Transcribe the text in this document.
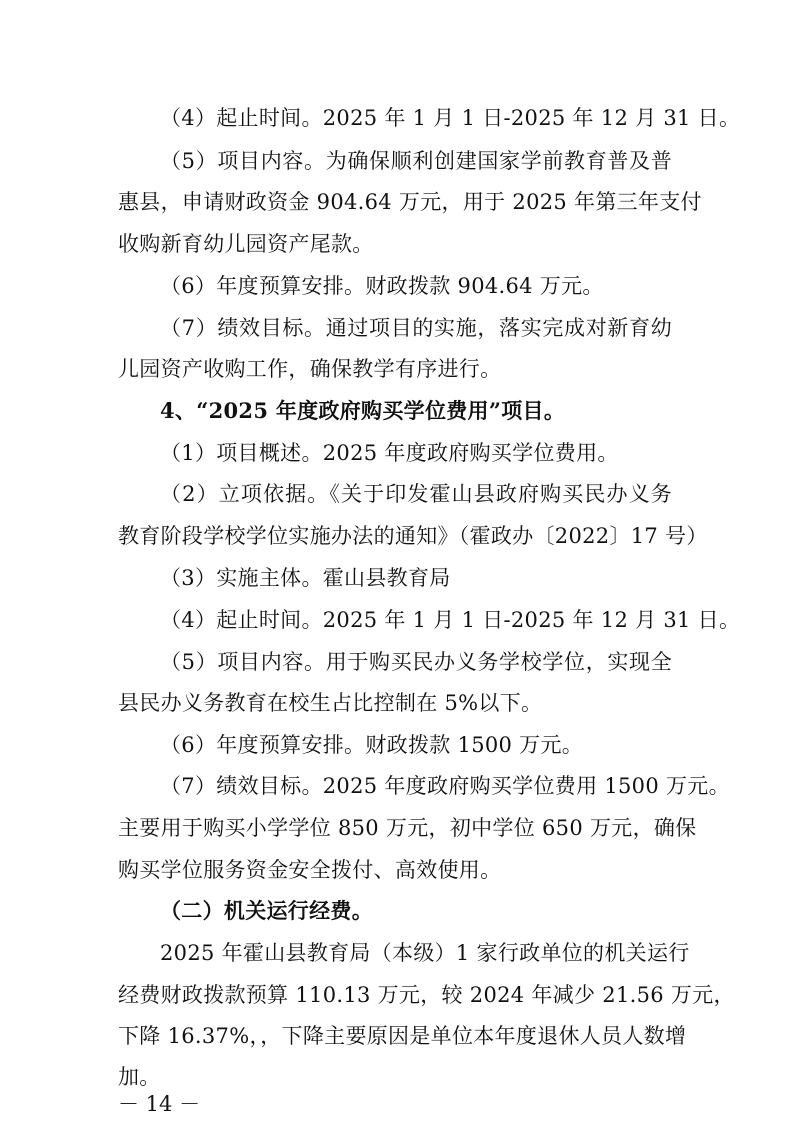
（4）起止时间。2025 年 1 月 1 日-2025 年 12 月 31 日。
（5）项目内容。为确保顺利创建国家学前教育普及普
惠县，申请财政资金 904.64 万元，用于 2025 年第三年支付
收购新育幼儿园资产尾款。
（6）年度预算安排。财政拨款 904.64 万元。
（7）绩效目标。通过项目的实施，落实完成对新育幼
儿园资产收购工作，确保教学有序进行。
4、“2025 年度政府购买学位费用”项目。
（1）项目概述。2025 年度政府购买学位费用。
（2）立项依据。《关于印发霍山县政府购买民办义务
教育阶段学校学位实施办法的通知》（霍政办〔2022〕17 号）
（3）实施主体。霍山县教育局
（4）起止时间。2025 年 1 月 1 日-2025 年 12 月 31 日。
（5）项目内容。用于购买民办义务学校学位，实现全
县民办义务教育在校生占比控制在 5%以下。
（6）年度预算安排。财政拨款 1500 万元。
（7）绩效目标。2025 年度政府购买学位费用 1500 万元。
主要用于购买小学学位 850 万元，初中学位 650 万元，确保
购买学位服务资金安全拨付、高效使用。
（二）机关运行经费。
2025 年霍山县教育局（本级）1 家行政单位的机关运行
经费财政拨款预算 110.13 万元，较 2024 年减少 21.56 万元，
下降 16.37%，，下降主要原因是单位本年度退休人员人数增
加。
－ 14 －
